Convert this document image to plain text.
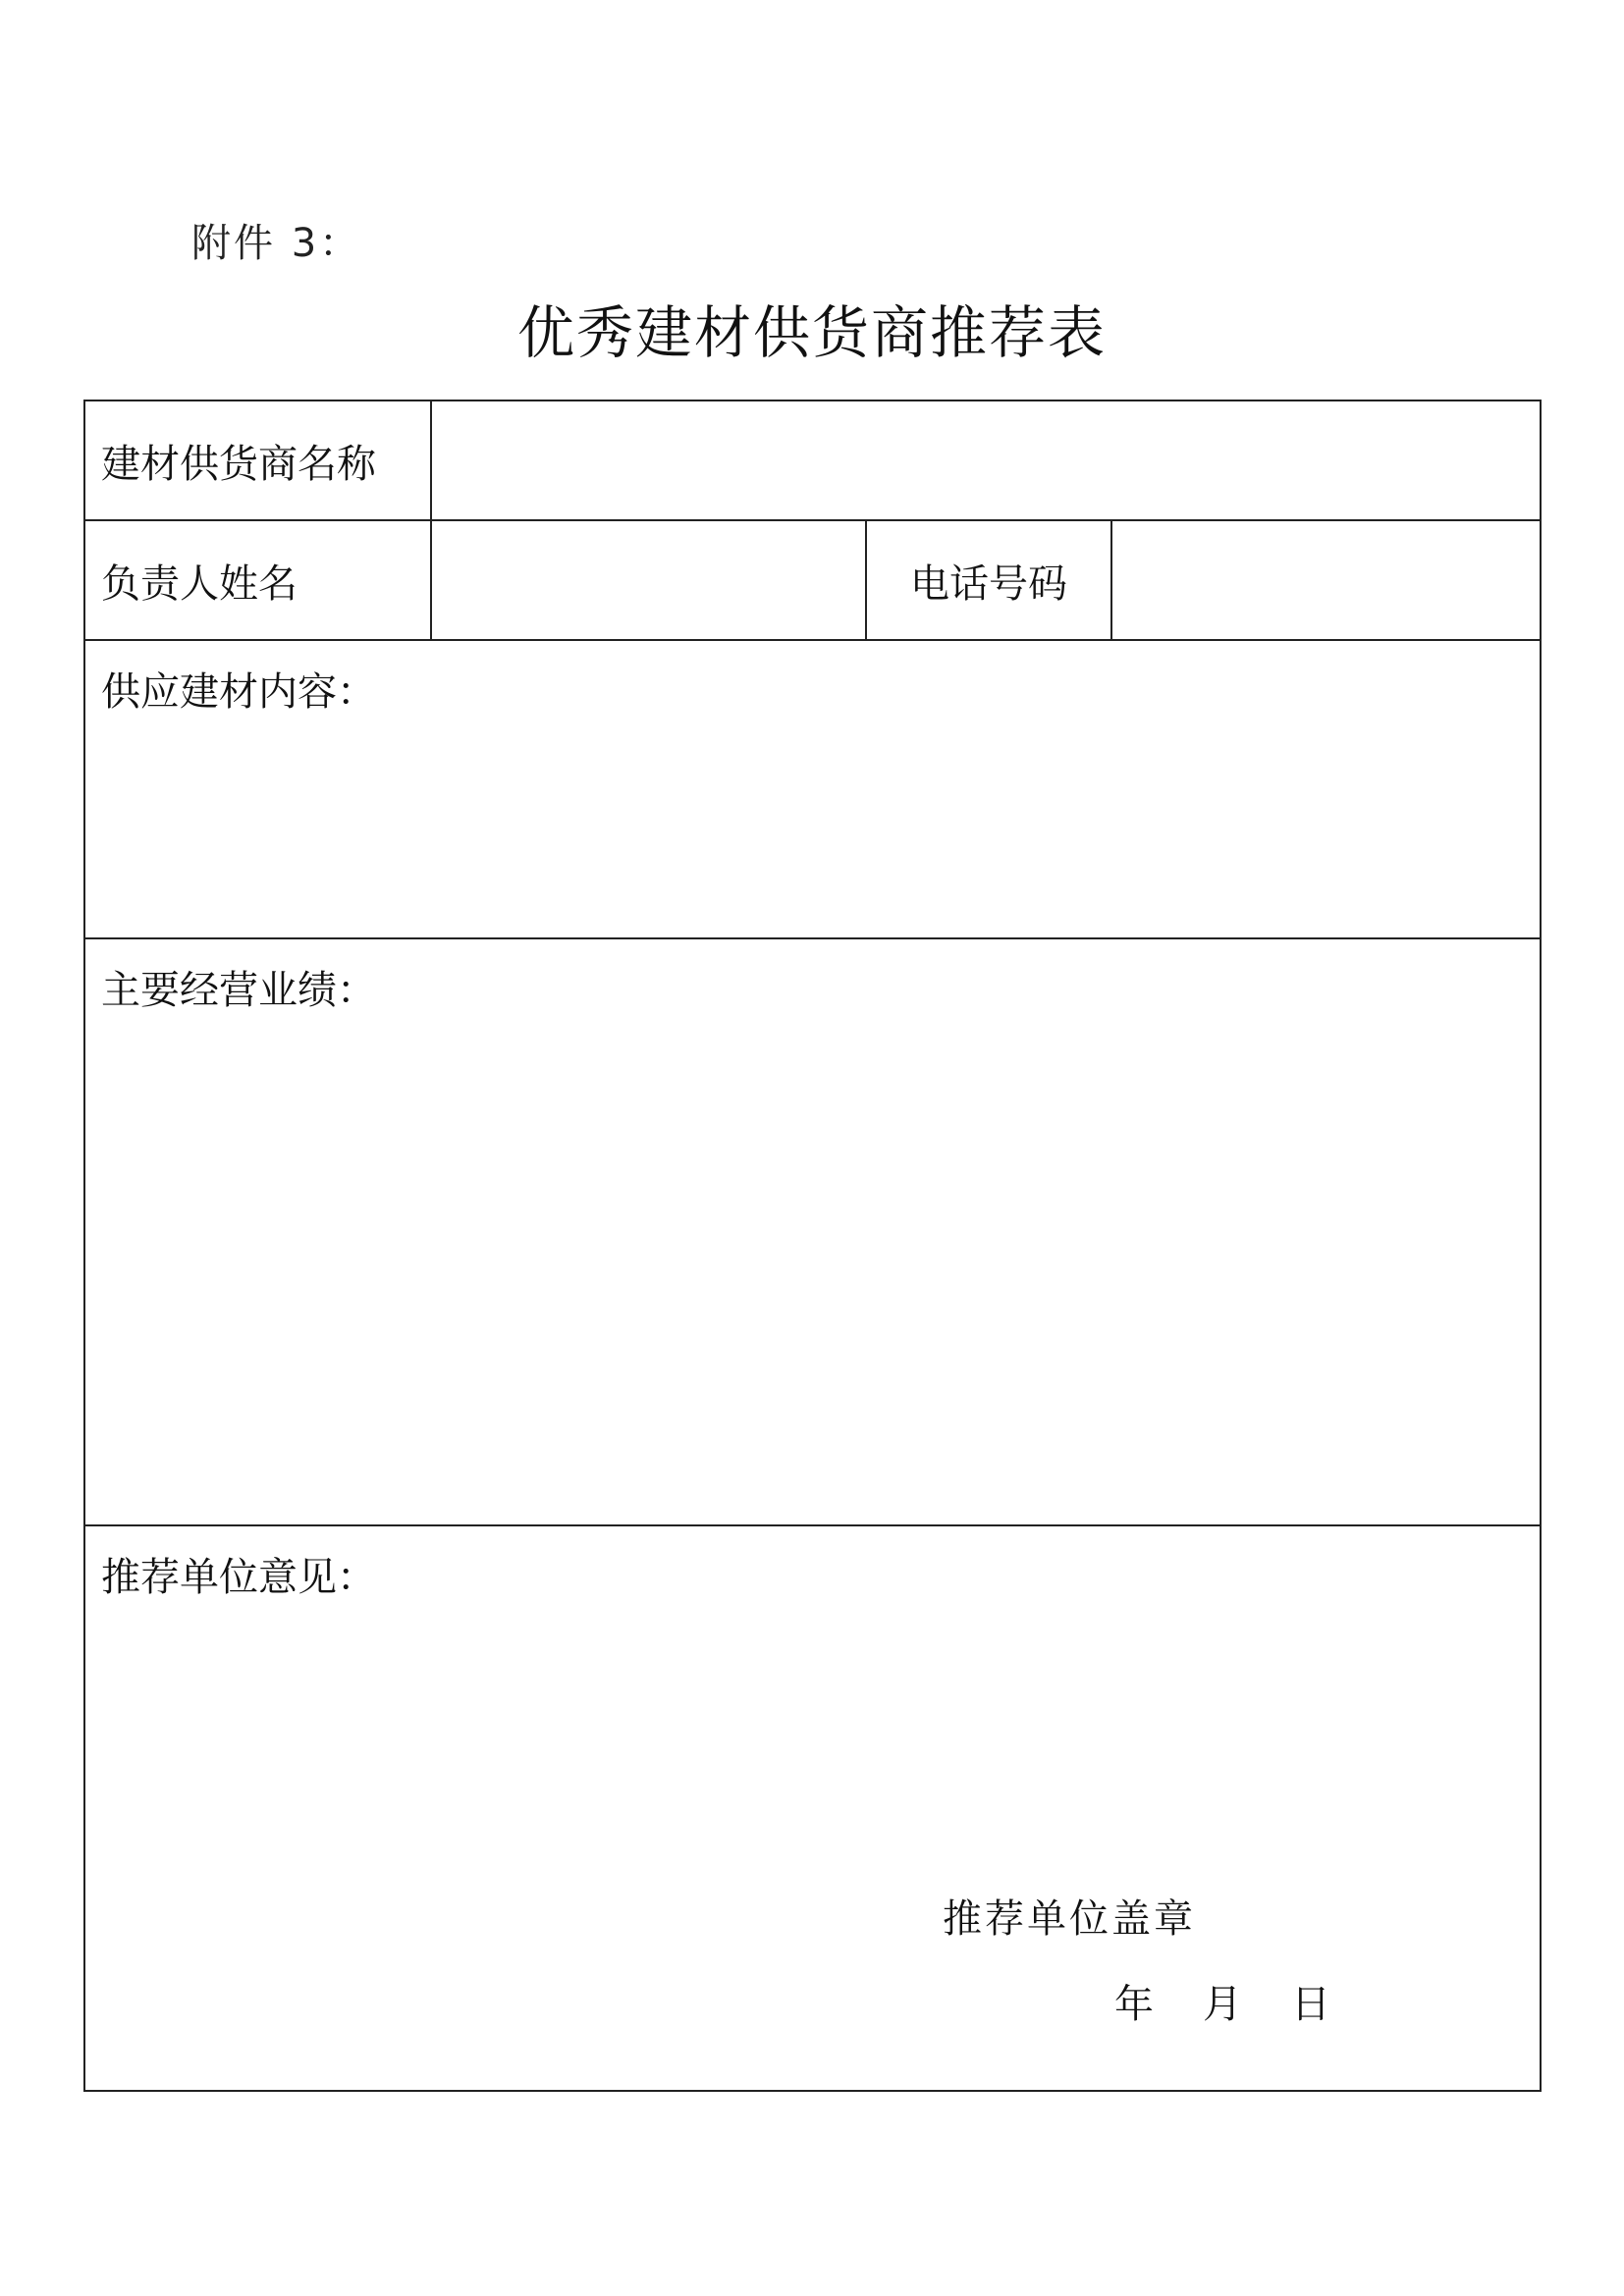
附件 3：
优秀建材供货商推荐表
建材供货商名称			
负责人姓名		电话号码	
供应建材内容：			
主要经营业绩：			
推荐单位意见：			
推荐单位盖章
年 月 日
